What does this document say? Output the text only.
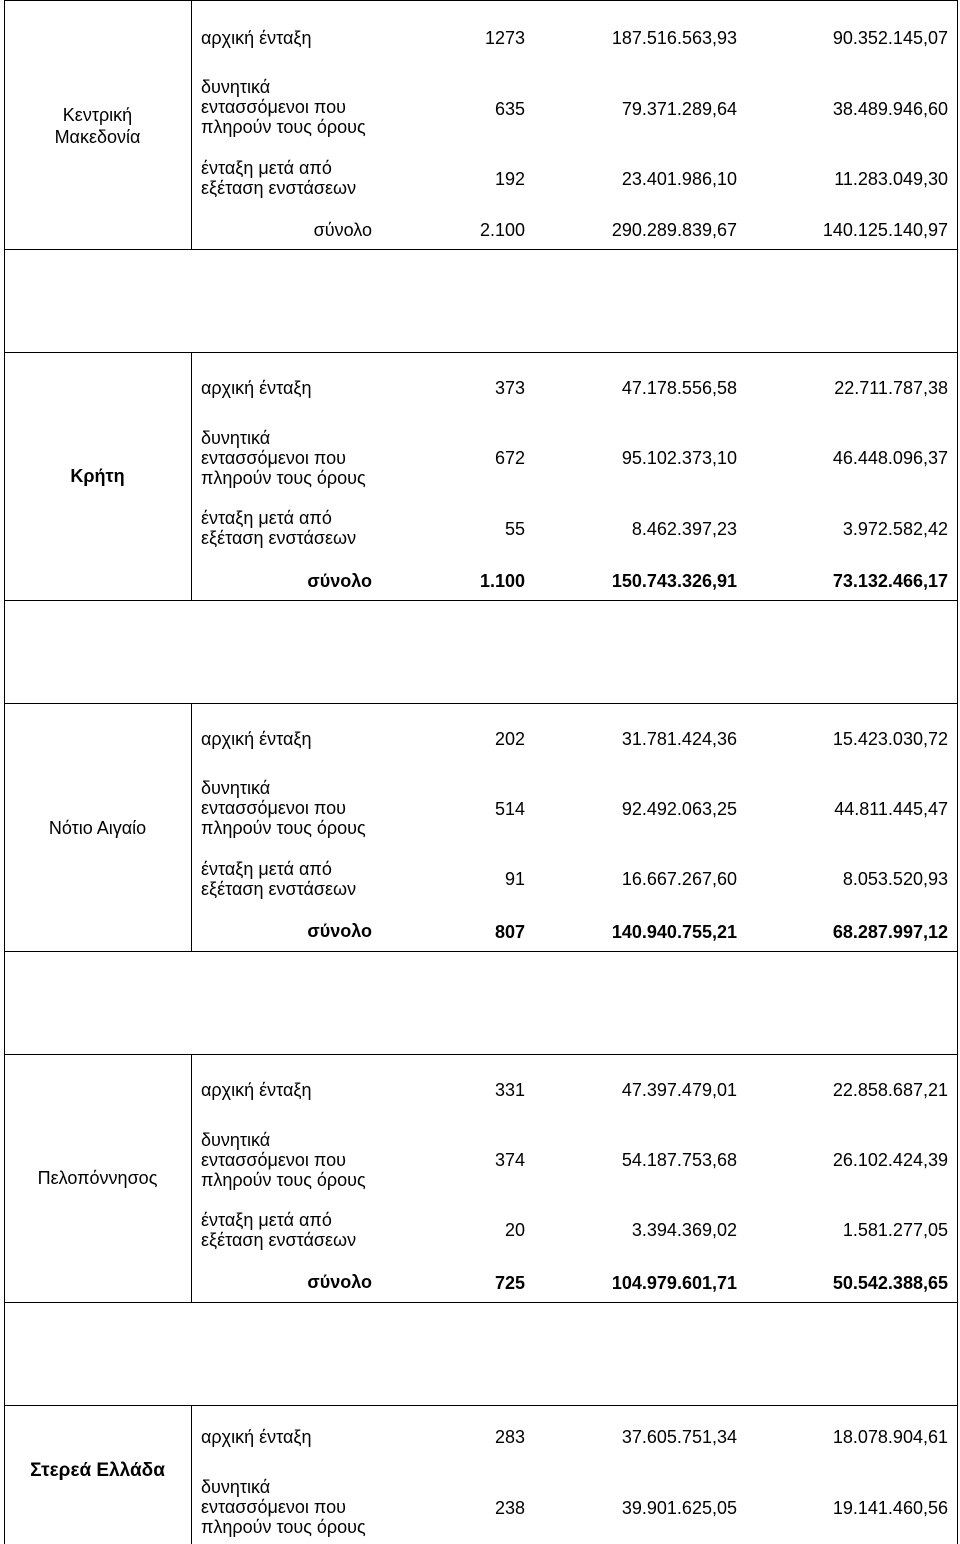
Κεντρική
Μακεδονία
αρχική ένταξη	1273	187.516.563,93	90.352.145,07
δυνητικά
εντασσόμενοι που
πληρούν τους όρους
635	79.371.289,64	38.489.946,60
ένταξη μετά από
εξέταση ενστάσεων	192	23.401.986,10	11.283.049,30
σύνολο	2.100	290.289.839,67	140.125.140,97
Κρήτη
αρχική ένταξη	373	47.178.556,58	22.711.787,38
δυνητικά
εντασσόμενοι που
πληρούν τους όρους
672	95.102.373,10	46.448.096,37
ένταξη μετά από
εξέταση ενστάσεων	55	8.462.397,23	3.972.582,42
σύνολο	1.100	150.743.326,91	73.132.466,17
Νότιο Αιγαίο
αρχική ένταξη	202	31.781.424,36	15.423.030,72
δυνητικά
εντασσόμενοι που
πληρούν τους όρους
514	92.492.063,25	44.811.445,47
ένταξη μετά από
εξέταση ενστάσεων	91	16.667.267,60	8.053.520,93
σύνολο	807	140.940.755,21	68.287.997,12
Πελοπόννησος
αρχική ένταξη	331	47.397.479,01	22.858.687,21
δυνητικά
εντασσόμενοι που
πληρούν τους όρους
374	54.187.753,68	26.102.424,39
ένταξη μετά από
εξέταση ενστάσεων	20	3.394.369,02	1.581.277,05
σύνολο	725	104.979.601,71	50.542.388,65
Στερεά Ελλάδα
αρχική ένταξη	283	37.605.751,34	18.078.904,61
δυνητικά
εντασσόμενοι που
πληρούν τους όρους
238	39.901.625,05	19.141.460,56
